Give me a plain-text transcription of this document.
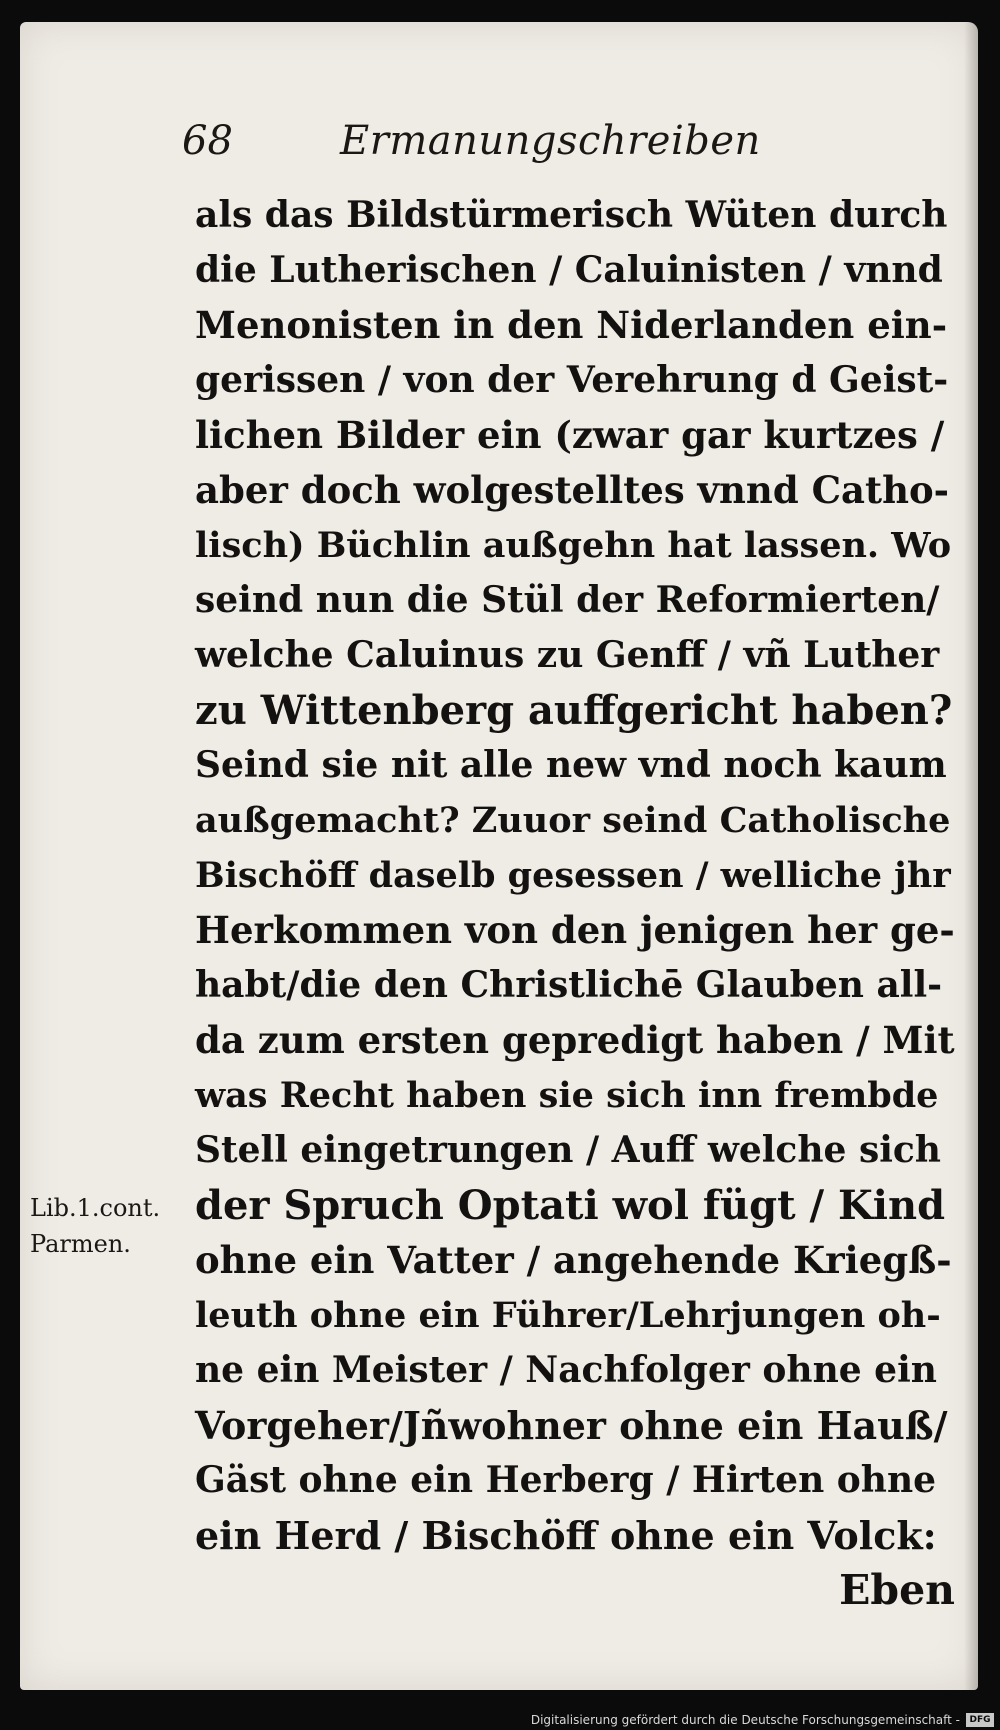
68	Ermanungschreiben
als das Bildstürmerisch Wüten durch
die Lutherischen / Caluinisten / vnnd
Menonisten in den Niderlanden ein-
gerissen / von der Verehrung d Geist-
lichen Bilder ein (zwar gar kurtzes /
aber doch wolgestelltes vnnd Catho-
lisch) Büchlin außgehn hat lassen. Wo
seind nun die Stül der Reformierten/
welche Caluinus zu Genff / vñ Luther
zu Wittenberg auffgericht haben?
Seind sie nit alle new vnd noch kaum
außgemacht? Zuuor seind Catholische
Bischöff daselb gesessen / welliche jhr
Herkommen von den jenigen her ge-
habt/die den Christlichē Glauben all-
da zum ersten gepredigt haben / Mit
was Recht haben sie sich inn frembde
Stell eingetrungen / Auff welche sich
der Spruch Optati wol fügt / Kind
ohne ein Vatter / angehende Kriegß-
leuth ohne ein Führer/Lehrjungen oh-
ne ein Meister / Nachfolger ohne ein
Vorgeher/Jñwohner ohne ein Hauß/
Gäst ohne ein Herberg / Hirten ohne
ein Herd / Bischöff ohne ein Volck:
Eben
Lib.1.cont.
Parmen.
Digitalisierung gefördert durch die Deutsche Forschungsgemeinschaft -	DFG
